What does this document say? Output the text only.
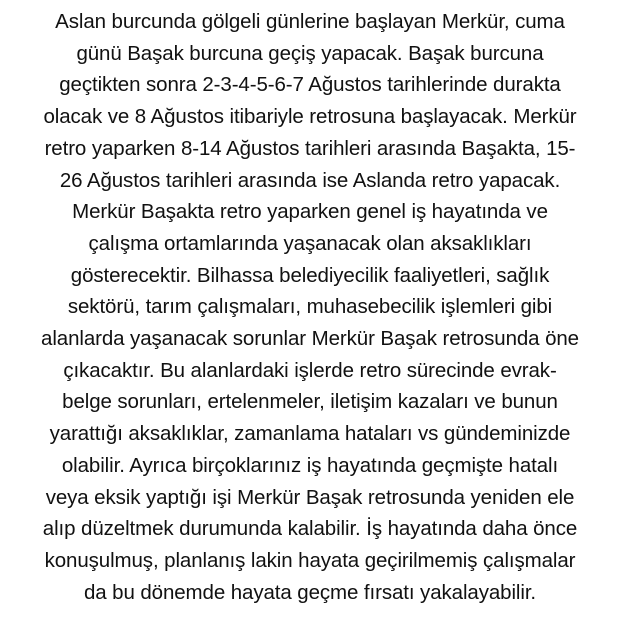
Aslan burcunda gölgeli günlerine başlayan Merkür, cuma
günü Başak burcuna geçiş yapacak. Başak burcuna
geçtikten sonra 2-3-4-5-6-7 Ağustos tarihlerinde durakta
olacak ve 8 Ağustos itibariyle retrosuna başlayacak. Merkür
retro yaparken 8-14 Ağustos tarihleri arasında Başakta, 15-
26 Ağustos tarihleri arasında ise Aslanda retro yapacak.
Merkür Başakta retro yaparken genel iş hayatında ve
çalışma ortamlarında yaşanacak olan aksaklıkları
gösterecektir. Bilhassa belediyecilik faaliyetleri, sağlık
sektörü, tarım çalışmaları, muhasebecilik işlemleri gibi
alanlarda yaşanacak sorunlar Merkür Başak retrosunda öne
çıkacaktır. Bu alanlardaki işlerde retro sürecinde evrak-
belge sorunları, ertelenmeler, iletişim kazaları ve bunun
yarattığı aksaklıklar, zamanlama hataları vs gündeminizde
olabilir. Ayrıca birçoklarınız iş hayatında geçmişte hatalı
veya eksik yaptığı işi Merkür Başak retrosunda yeniden ele
alıp düzeltmek durumunda kalabilir. İş hayatında daha önce
konuşulmuş, planlanış lakin hayata geçirilmemiş çalışmalar
da bu dönemde hayata geçme fırsatı yakalayabilir.
